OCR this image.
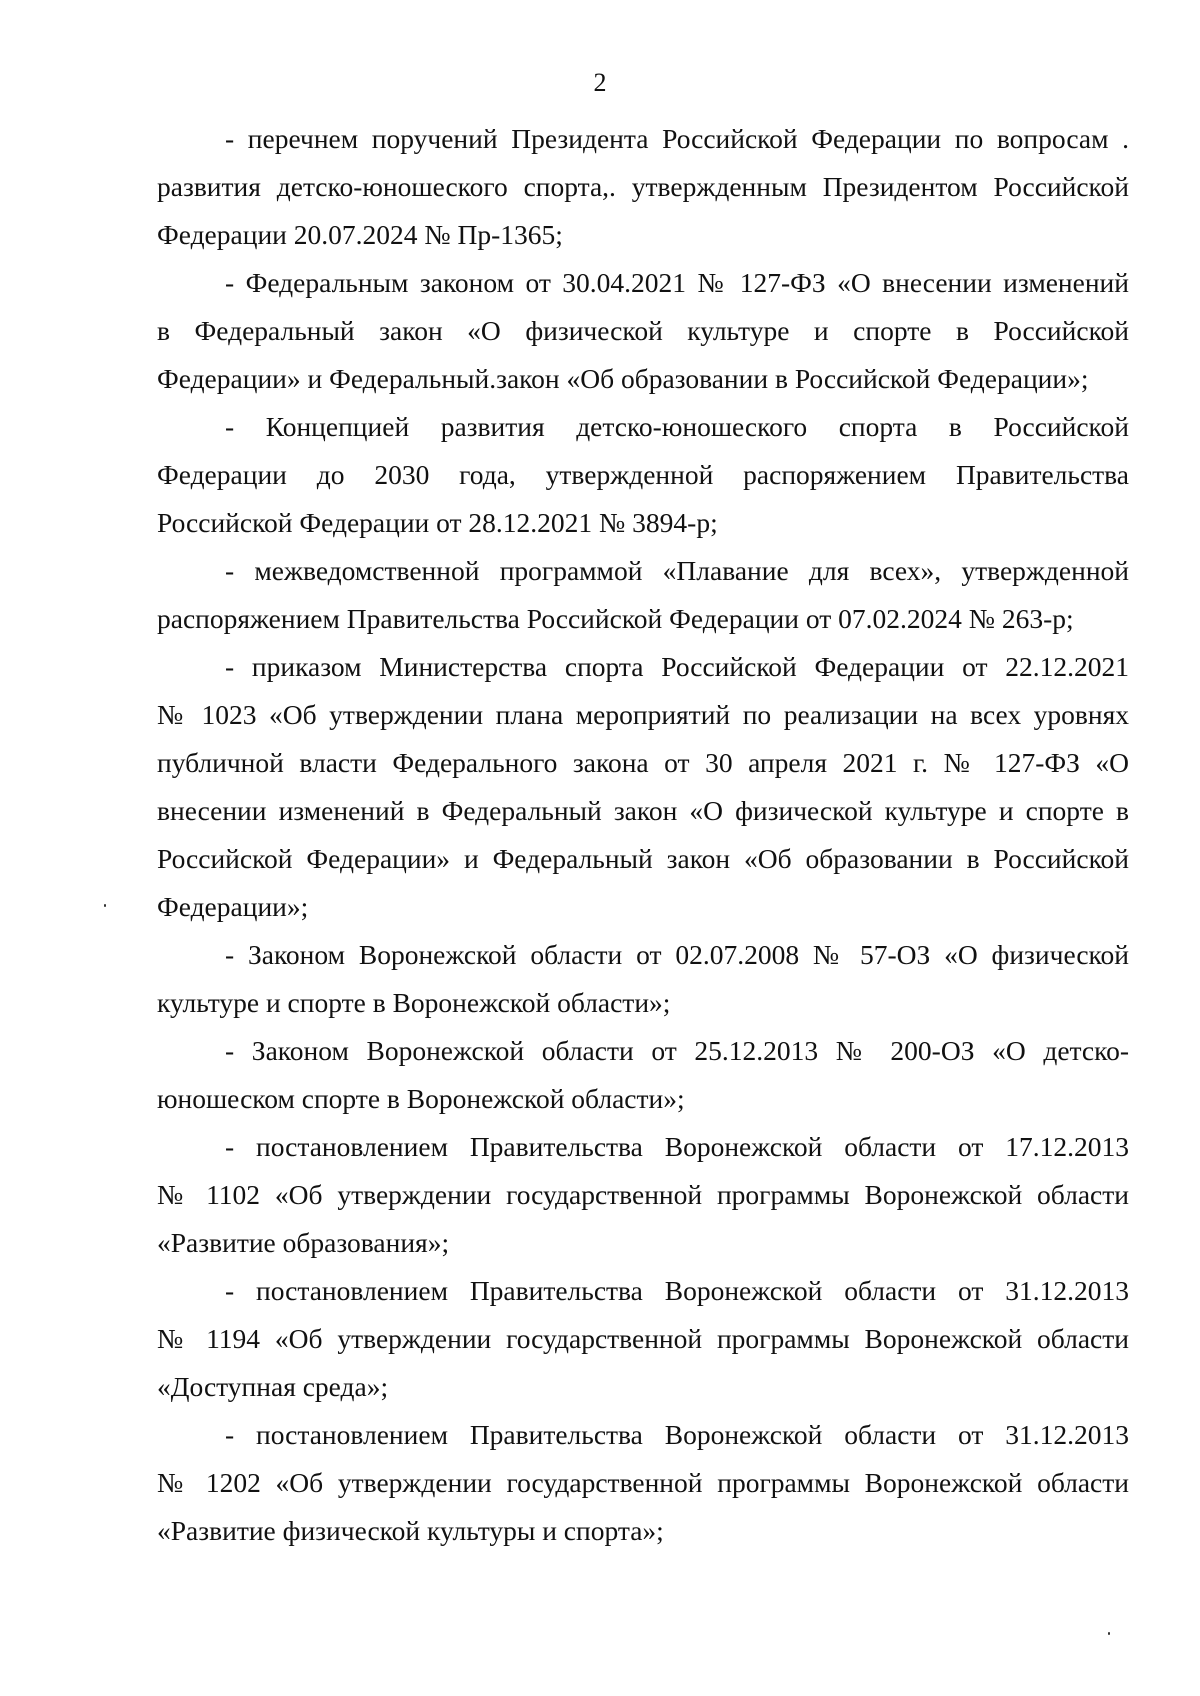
2
- перечнем поручений Президента Российской Федерации по вопросам .
развития детско-юношеского спорта,. утвержденным Президентом Российской
Федерации 20.07.2024 № Пр-1365;
- Федеральным законом от 30.04.2021 № 127-ФЗ «О внесении изменений
в Федеральный закон «О физической культуре и спорте в Российской
Федерации» и Федеральный.закон «Об образовании в Российской Федерации»;
- Концепцией развития детско-юношеского спорта в Российской
Федерации до 2030 года, утвержденной распоряжением Правительства
Российской Федерации от 28.12.2021 № 3894-р;
- межведомственной программой «Плавание для всех», утвержденной
распоряжением Правительства Российской Федерации от 07.02.2024 № 263-р;
- приказом Министерства спорта Российской Федерации от 22.12.2021
№ 1023 «Об утверждении плана мероприятий по реализации на всех уровнях
публичной власти Федерального закона от 30 апреля 2021 г. № 127-ФЗ «О
внесении изменений в Федеральный закон «О физической культуре и спорте в
Российской Федерации» и Федеральный закон «Об образовании в Российской
Федерации»;
- Законом Воронежской области от 02.07.2008 № 57-ОЗ «О физической
культуре и спорте в Воронежской области»;
- Законом Воронежской области от 25.12.2013 № 200-ОЗ «О детско-
юношеском спорте в Воронежской области»;
- постановлением Правительства Воронежской области от 17.12.2013
№ 1102 «Об утверждении государственной программы Воронежской области
«Развитие образования»;
- постановлением Правительства Воронежской области от 31.12.2013
№ 1194 «Об утверждении государственной программы Воронежской области
«Доступная среда»;
- постановлением Правительства Воронежской области от 31.12.2013
№ 1202 «Об утверждении государственной программы Воронежской области
«Развитие физической культуры и спорта»;
